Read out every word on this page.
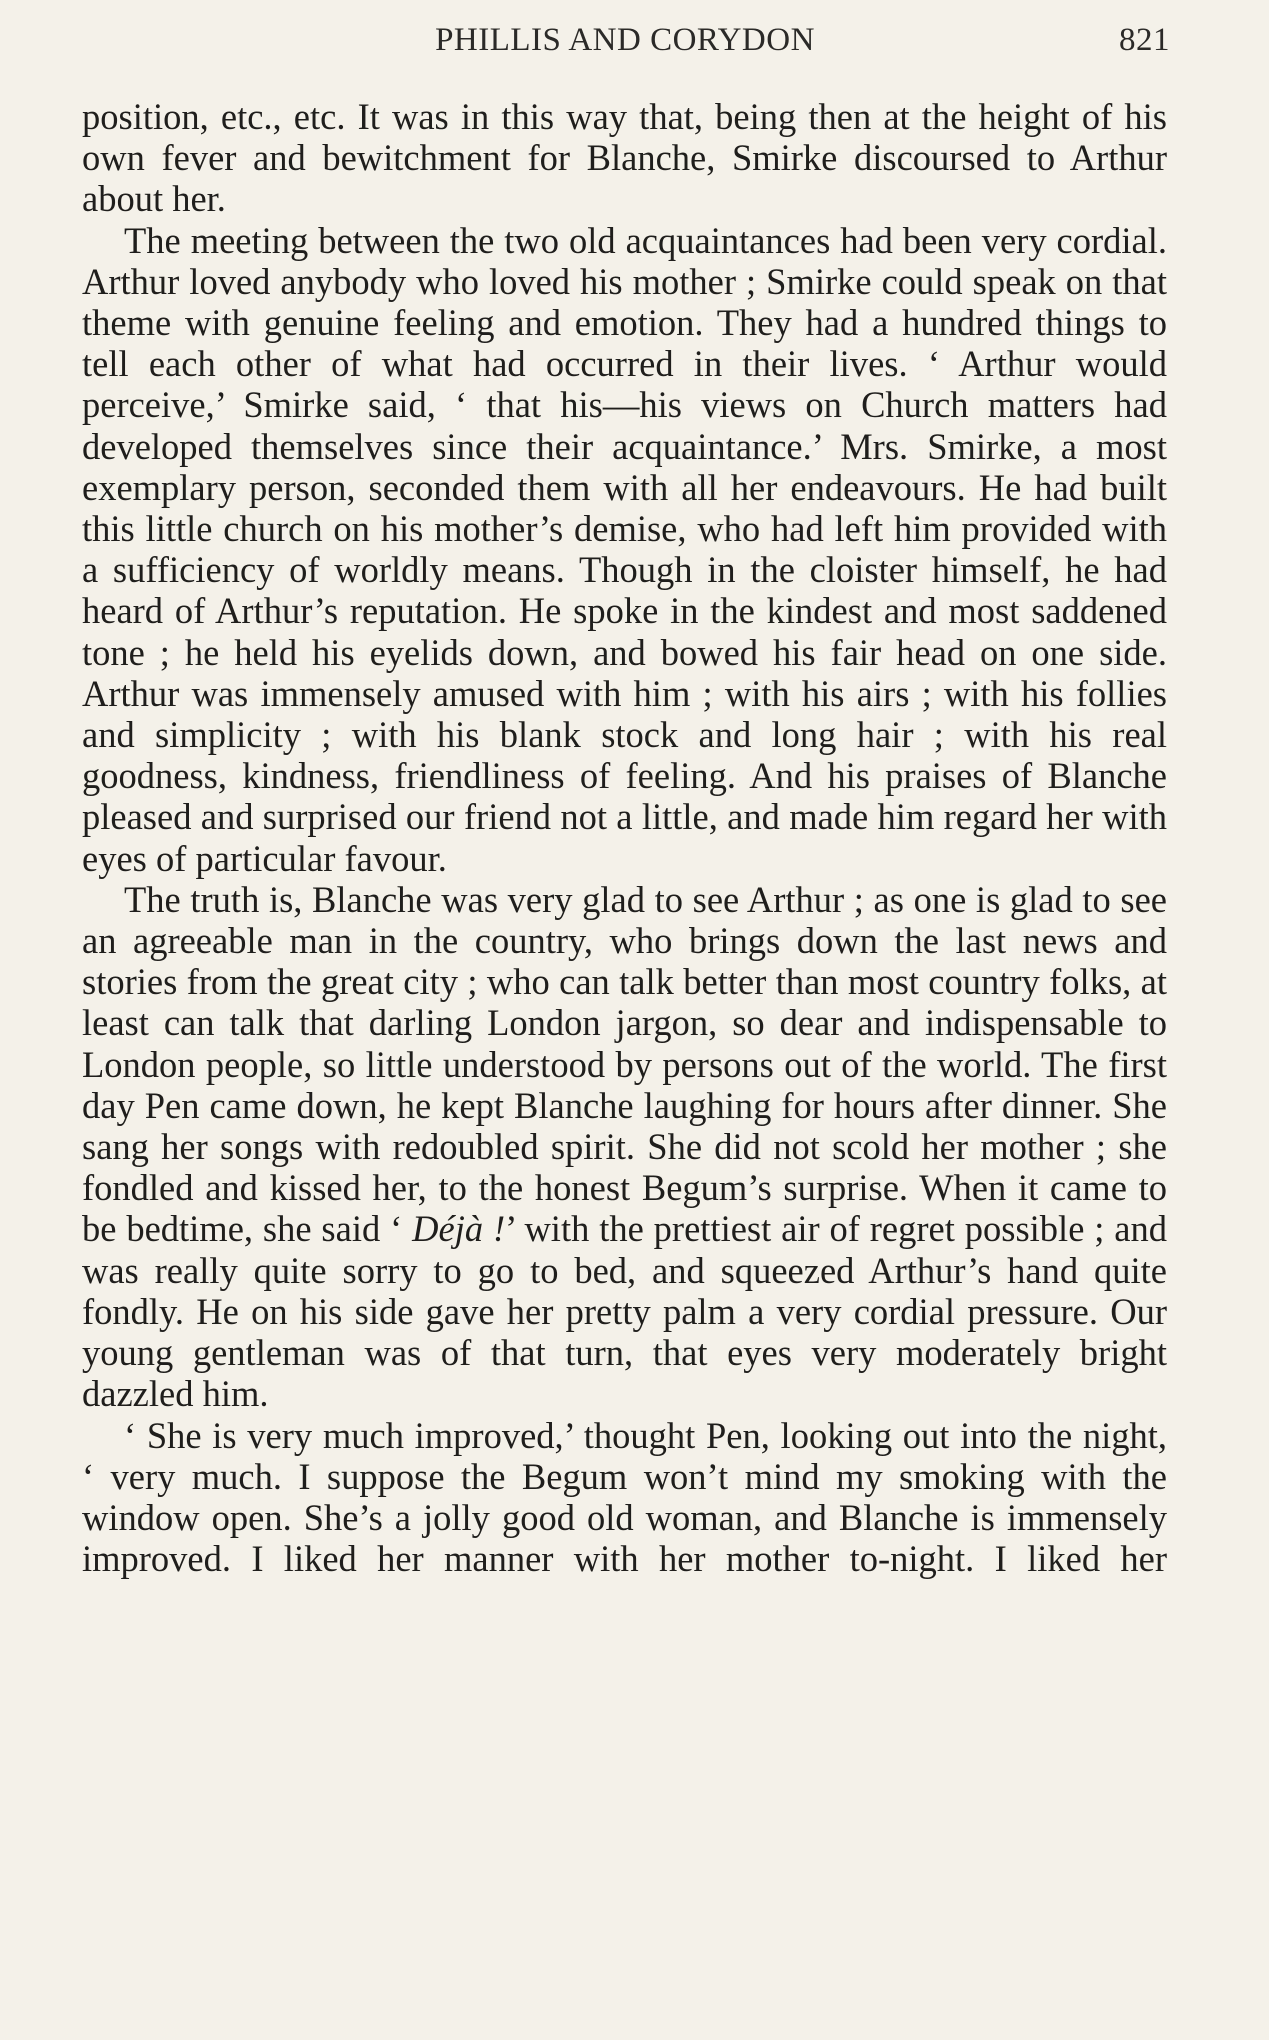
PHILLIS AND CORYDON	821

position, etc., etc. It was in this way that, being then at the height of his own fever and bewitchment for Blanche, Smirke discoursed to Arthur about her.

The meeting between the two old acquaintances had been very cordial. Arthur loved anybody who loved his mother ; Smirke could speak on that theme with genuine feeling and emotion. They had a hundred things to tell each other of what had occurred in their lives. ‘ Arthur would perceive,’ Smirke said, ‘ that his—his views on Church matters had developed themselves since their acquaintance.’ Mrs. Smirke, a most exemplary person, seconded them with all her endeavours. He had built this little church on his mother’s demise, who had left him provided with a sufficiency of worldly means. Though in the cloister himself, he had heard of Arthur’s reputation. He spoke in the kindest and most saddened tone ; he held his eyelids down, and bowed his fair head on one side. Arthur was immensely amused with him ; with his airs ; with his follies and simplicity ; with his blank stock and long hair ; with his real goodness, kindness, friendliness of feeling. And his praises of Blanche pleased and surprised our friend not a little, and made him regard her with eyes of particular favour.

The truth is, Blanche was very glad to see Arthur ; as one is glad to see an agreeable man in the country, who brings down the last news and stories from the great city ; who can talk better than most country folks, at least can talk that darling London jargon, so dear and indispensable to London people, so little understood by persons out of the world. The first day Pen came down, he kept Blanche laughing for hours after dinner. She sang her songs with redoubled spirit. She did not scold her mother ; she fondled and kissed her, to the honest Begum’s surprise. When it came to be bedtime, she said ‘ Déjà !’ with the prettiest air of regret possible ; and was really quite sorry to go to bed, and squeezed Arthur’s hand quite fondly. He on his side gave her pretty palm a very cordial pressure. Our young gentleman was of that turn, that eyes very moderately bright dazzled him.

‘ She is very much improved,’ thought Pen, looking out into the night, ‘ very much. I suppose the Begum won’t mind my smoking with the window open. She’s a jolly good old woman, and Blanche is immensely improved. I liked her manner with her mother to-night. I liked her
